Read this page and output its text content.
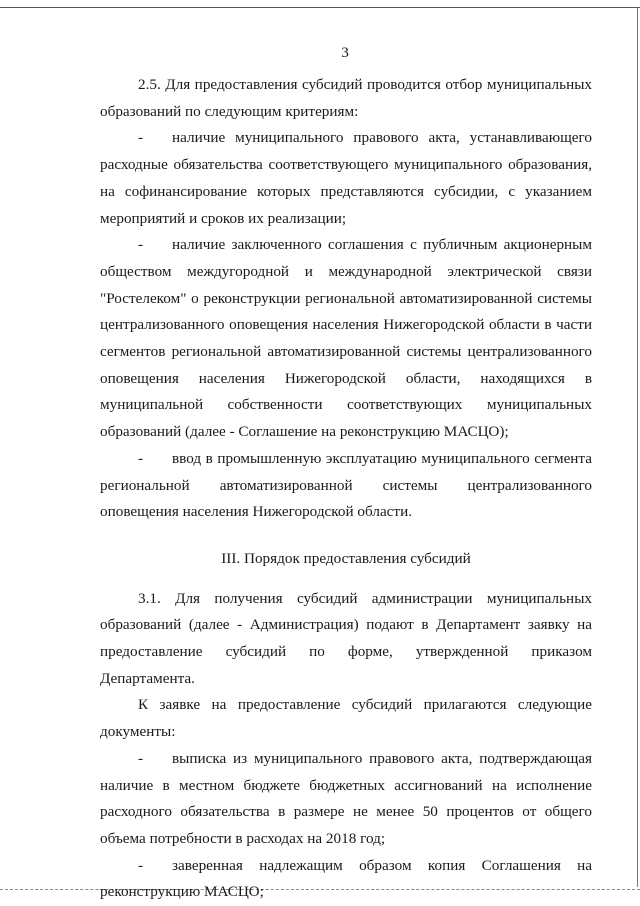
3

2.5. Для предоставления субсидий проводится отбор муниципальных образований по следующим критериям:

- наличие муниципального правового акта, устанавливающего расходные обязательства соответствующего муниципального образования, на софинансирование которых представляются субсидии, с указанием мероприятий и сроков их реализации;

- наличие заключенного соглашения с публичным акционерным обществом междугородной и международной электрической связи "Ростелеком" о реконструкции региональной автоматизированной системы централизованного оповещения населения Нижегородской области в части сегментов региональной автоматизированной системы централизованного оповещения населения Нижегородской области, находящихся в муниципальной собственности соответствующих муниципальных образований (далее - Соглашение на реконструкцию МАСЦО);

- ввод в промышленную эксплуатацию муниципального сегмента региональной автоматизированной системы централизованного оповещения населения Нижегородской области.

III. Порядок предоставления субсидий

3.1. Для получения субсидий администрации муниципальных образований (далее - Администрация) подают в Департамент заявку на предоставление субсидий по форме, утвержденной приказом Департамента.

К заявке на предоставление субсидий прилагаются следующие документы:

- выписка из муниципального правового акта, подтверждающая наличие в местном бюджете бюджетных ассигнований на исполнение расходного обязательства в размере не менее 50 процентов от общего объема потребности в расходах на 2018 год;

- заверенная надлежащим образом копия Соглашения на реконструкцию МАСЦО;
